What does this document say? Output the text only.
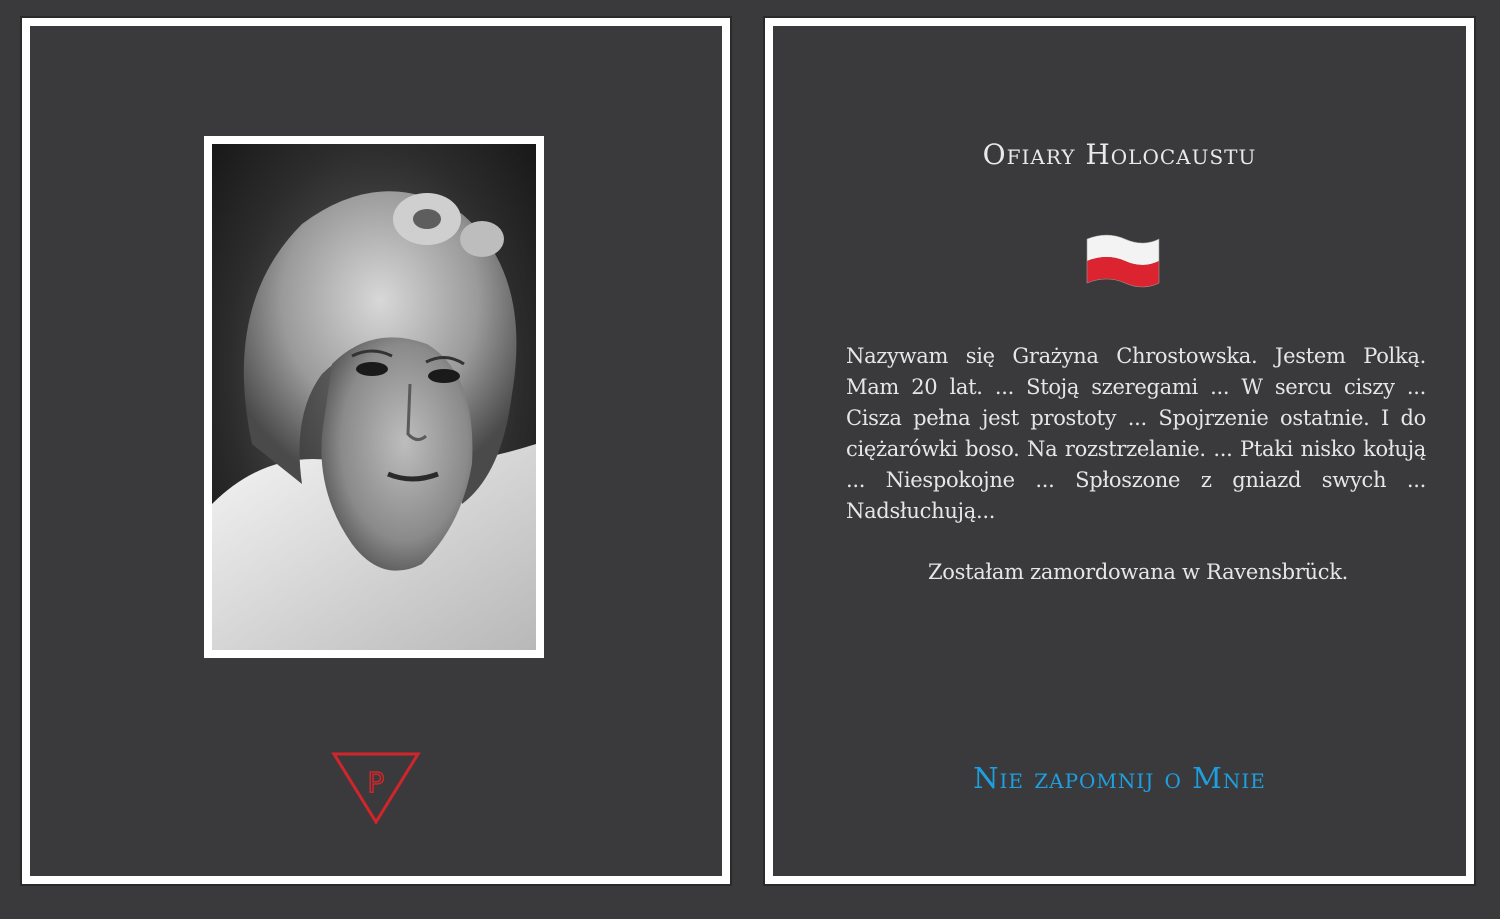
P
Ofiary Holocaustu
Nazywam się Grażyna Chrostowska. Jestem Polką. Mam 20 lat. ... Stoją szeregami ... W sercu ciszy ... Cisza pełna jest prostoty ... Spojrzenie ostatnie. I do ciężarówki boso. Na rozstrzelanie. ... Ptaki nisko kołują ... Niespokojne ... Spłoszone z gniazd swych ... Nadsłuchują...
Zostałam zamordowana w Ravensbrück.
Nie zapomnij o Mnie
